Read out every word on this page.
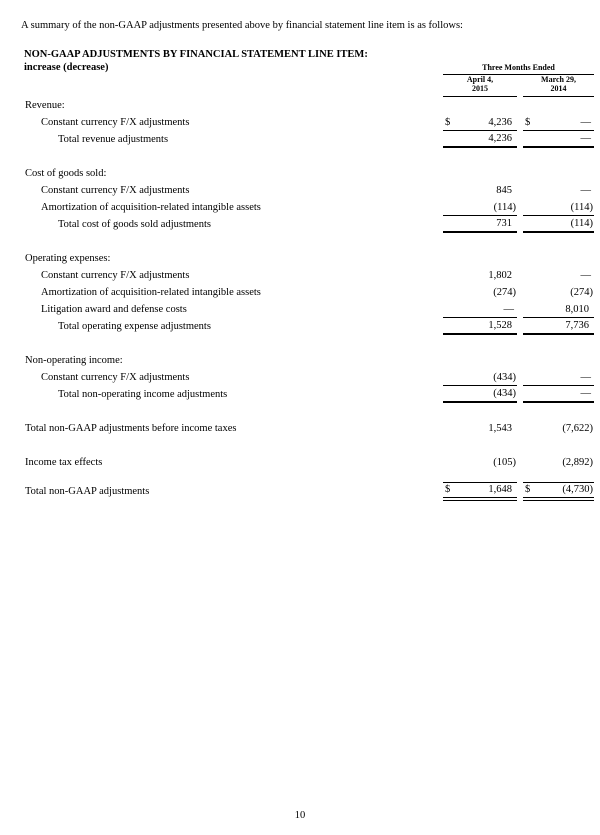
A summary of the non-GAAP adjustments presented above by financial statement line item is as follows:

NON-GAAP ADJUSTMENTS BY FINANCIAL STATEMENT LINE ITEM:
increase (decrease)
		Three Months Ended		

	April 4,
2015		March 29,
2014

Revenue:			
Constant currency F/X adjustments	$ 4,236		$ —

Total revenue adjustments	4,236		—

Cost of goods sold:			
Constant currency F/X adjustments	845		—
Amortization of acquisition-related intangible assets	(114)		(114)
Total cost of goods sold adjustments	731		(114)

Operating expenses:			
Constant currency F/X adjustments	1,802		—
Amortization of acquisition-related intangible assets	(274)		(274)
Litigation award and defense costs	—		8,010
Total operating expense adjustments	1,528		7,736

Non-operating income:			
Constant currency F/X adjustments	(434)		—
Total non-operating income adjustments	(434)		—

Total non-GAAP adjustments before income taxes	1,543		(7,622)

Income tax effects	(105)		(2,892)

Total non-GAAP adjustments	$ 1,648		$ (4,730)
10
